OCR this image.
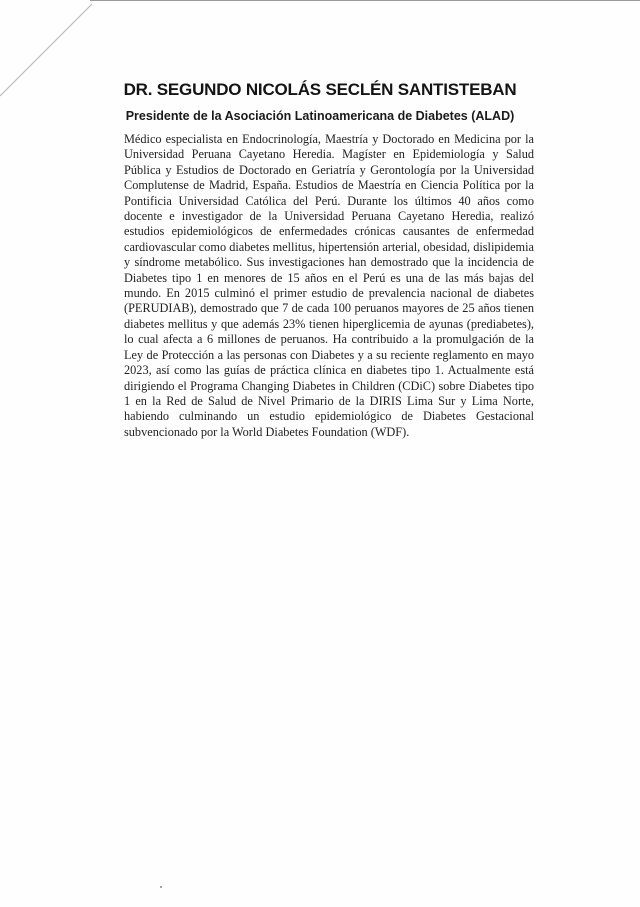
DR. SEGUNDO NICOLÁS SECLÉN SANTISTEBAN
Presidente de la Asociación Latinoamericana de Diabetes (ALAD)

Médico especialista en Endocrinología, Maestría y Doctorado en Medicina por la Universidad Peruana Cayetano Heredia. Magíster en Epidemiología y Salud Pública y Estudios de Doctorado en Geriatría y Gerontología por la Universidad Complutense de Madrid, España. Estudios de Maestría en Ciencia Política por la Pontificia Universidad Católica del Perú. Durante los últimos 40 años como docente e investigador de la Universidad Peruana Cayetano Heredia, realizó estudios epidemiológicos de enfermedades crónicas causantes de enfermedad cardiovascular como diabetes mellitus, hipertensión arterial, obesidad, dislipidemia y síndrome metabólico. Sus investigaciones han demostrado que la incidencia de Diabetes tipo 1 en menores de 15 años en el Perú es una de las más bajas del mundo. En 2015 culminó el primer estudio de prevalencia nacional de diabetes (PERUDIAB), demostrado que 7 de cada 100 peruanos mayores de 25 años tienen diabetes mellitus y que además 23% tienen hiperglicemia de ayunas (prediabetes), lo cual afecta a 6 millones de peruanos. Ha contribuido a la promulgación de la Ley de Protección a las personas con Diabetes y a su reciente reglamento en mayo 2023, así como las guías de práctica clínica en diabetes tipo 1. Actualmente está dirigiendo el Programa Changing Diabetes in Children (CDiC) sobre Diabetes tipo 1 en la Red de Salud de Nivel Primario de la DIRIS Lima Sur y Lima Norte, habiendo culminando un estudio epidemiológico de Diabetes Gestacional subvencionado por la World Diabetes Foundation (WDF).
